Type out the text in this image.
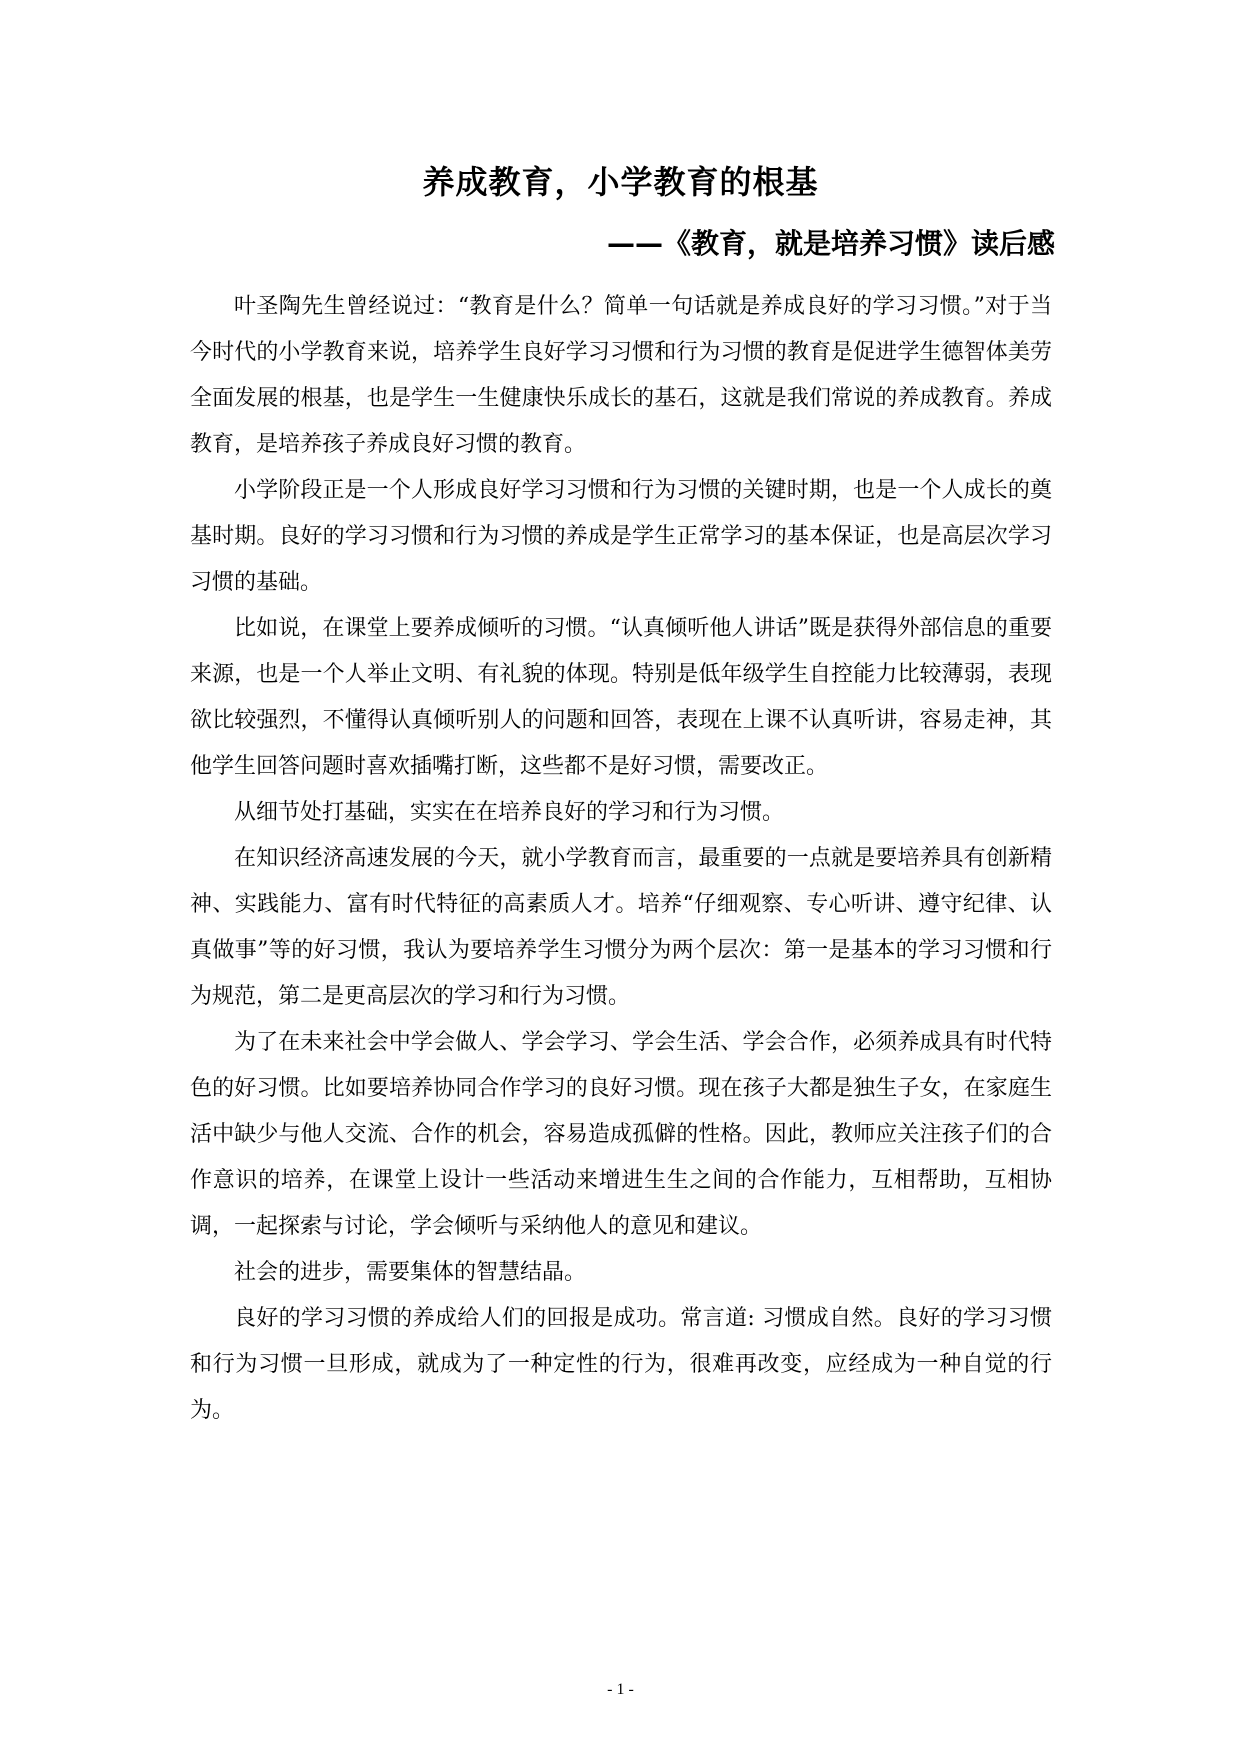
养成教育，小学教育的根基
——《教育，就是培养习惯》读后感

叶圣陶先生曾经说过：“教育是什么？简单一句话就是养成良好的学习习惯。”对于当今时代的小学教育来说，培养学生良好学习习惯和行为习惯的教育是促进学生德智体美劳全面发展的根基，也是学生一生健康快乐成长的基石，这就是我们常说的养成教育。养成教育，是培养孩子养成良好习惯的教育。

小学阶段正是一个人形成良好学习习惯和行为习惯的关键时期，也是一个人成长的奠基时期。良好的学习习惯和行为习惯的养成是学生正常学习的基本保证，也是高层次学习习惯的基础。

比如说，在课堂上要养成倾听的习惯。“认真倾听他人讲话”既是获得外部信息的重要来源，也是一个人举止文明、有礼貌的体现。特别是低年级学生自控能力比较薄弱，表现欲比较强烈，不懂得认真倾听别人的问题和回答，表现在上课不认真听讲，容易走神，其他学生回答问题时喜欢插嘴打断，这些都不是好习惯，需要改正。

从细节处打基础，实实在在培养良好的学习和行为习惯。

在知识经济高速发展的今天，就小学教育而言，最重要的一点就是要培养具有创新精神、实践能力、富有时代特征的高素质人才。培养“仔细观察、专心听讲、遵守纪律、认真做事”等的好习惯，我认为要培养学生习惯分为两个层次：第一是基本的学习习惯和行为规范，第二是更高层次的学习和行为习惯。

为了在未来社会中学会做人、学会学习、学会生活、学会合作，必须养成具有时代特色的好习惯。比如要培养协同合作学习的良好习惯。现在孩子大都是独生子女，在家庭生活中缺少与他人交流、合作的机会，容易造成孤僻的性格。因此，教师应关注孩子们的合作意识的培养，在课堂上设计一些活动来增进生生之间的合作能力，互相帮助，互相协调，一起探索与讨论，学会倾听与采纳他人的意见和建议。

社会的进步，需要集体的智慧结晶。

良好的学习习惯的养成给人们的回报是成功。常言道: 习惯成自然。良好的学习习惯和行为习惯一旦形成，就成为了一种定性的行为，很难再改变，应经成为一种自觉的行为。

- 1 -
